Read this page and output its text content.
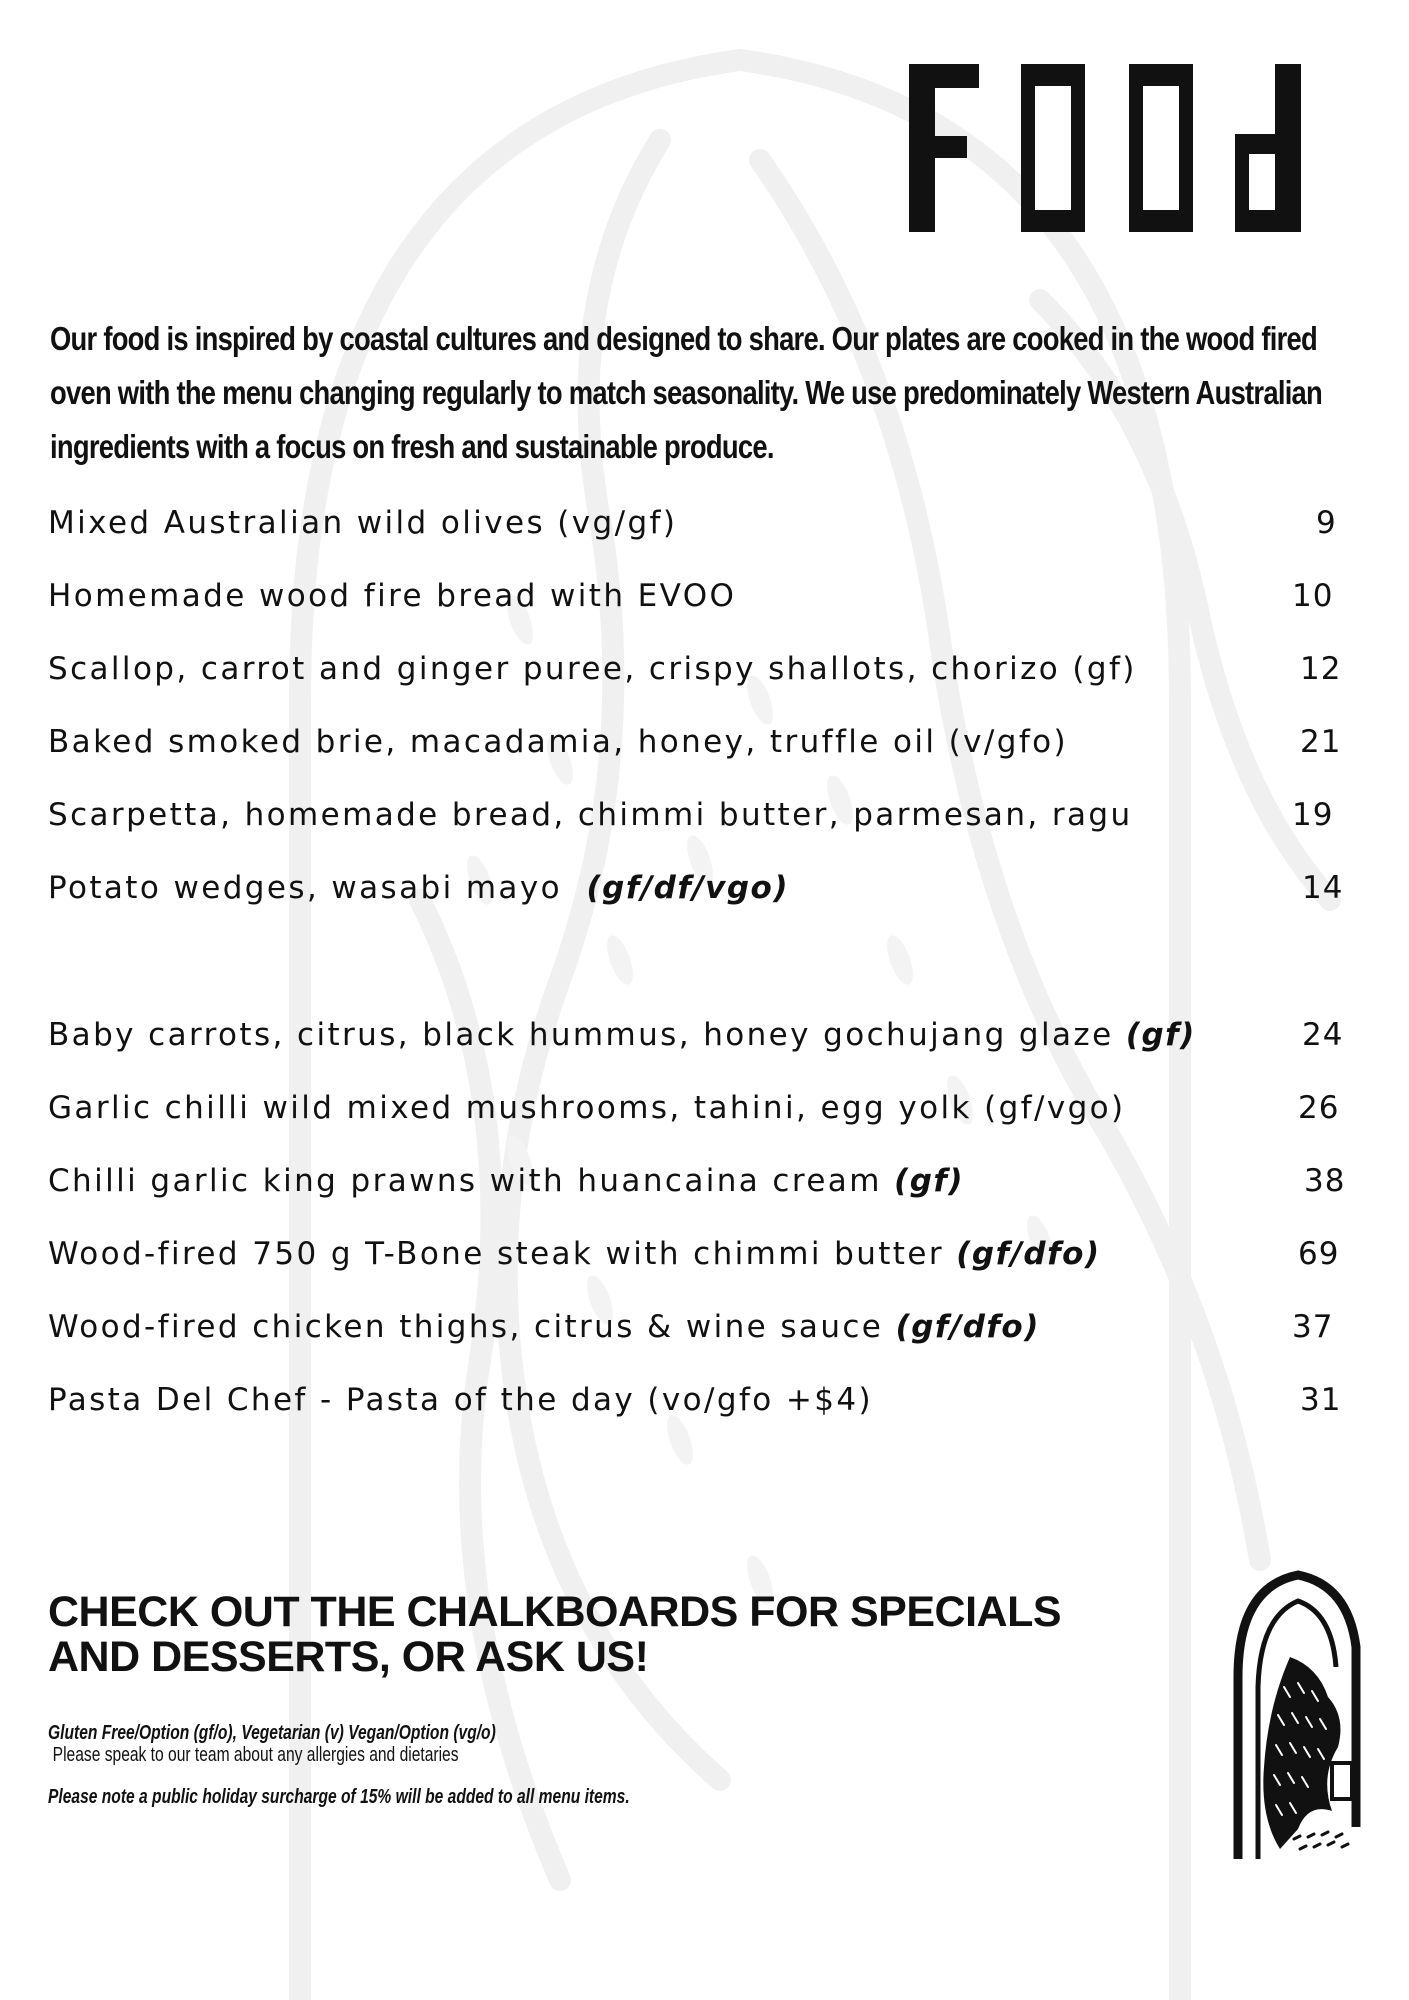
Our food is inspired by coastal cultures and designed to share. Our plates are cooked in the wood fired oven with the menu changing regularly to match seasonality. We use predominately Western Australian ingredients with a focus on fresh and sustainable produce.
Mixed Australian wild olives (vg/gf)	9
Homemade wood fire bread with EVOO	10
Scallop, carrot and ginger puree, crispy shallots, chorizo (gf)	12
Baked smoked brie, macadamia, honey, truffle oil (v/gfo)	21
Scarpetta, homemade bread, chimmi butter, parmesan, ragu	19
Potato wedges, wasabi mayo (gf/df/vgo)	14
Baby carrots, citrus, black hummus, honey gochujang glaze (gf)	24
Garlic chilli wild mixed mushrooms, tahini, egg yolk (gf/vgo)	26
Chilli garlic king prawns with huancaina cream (gf)	38
Wood-fired 750 g T-Bone steak with chimmi butter (gf/dfo)	69
Wood-fired chicken thighs, citrus & wine sauce (gf/dfo)	37
Pasta Del Chef - Pasta of the day (vo/gfo +$4)	31
CHECK OUT THE CHALKBOARDS FOR SPECIALS
AND DESSERTS, OR ASK US!
Gluten Free/Option (gf/o), Vegetarian (v) Vegan/Option (vg/o)
Please speak to our team about any allergies and dietaries
Please note a public holiday surcharge of 15% will be added to all menu items.
